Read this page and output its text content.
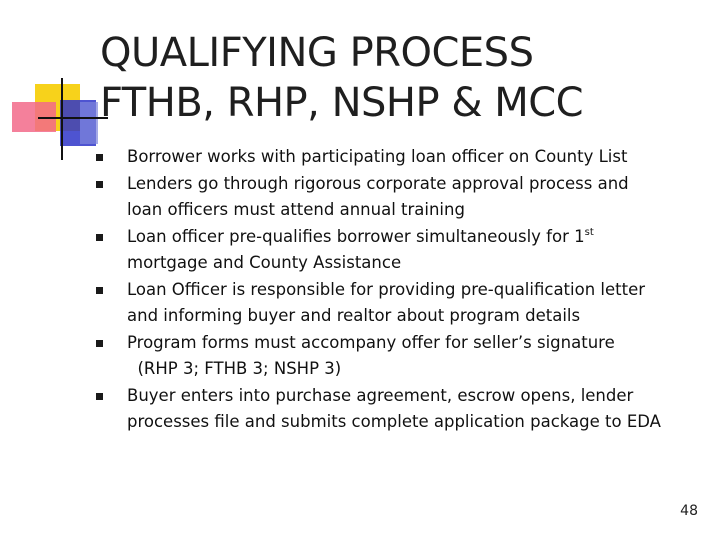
QUALIFYING PROCESS
FTHB, RHP, NSHP & MCC
Borrower works with participating loan officer on County List
Lenders go through rigorous corporate approval process and
loan officers must attend annual training
Loan officer pre-qualifies borrower simultaneously for 1st
mortgage and County Assistance
Loan Officer is responsible for providing pre-qualification letter
and informing buyer and realtor about program details
Program forms must accompany offer for seller’s signature
(RHP 3; FTHB 3; NSHP 3)
Buyer enters into purchase agreement, escrow opens, lender
processes file and submits complete application package to EDA
48
